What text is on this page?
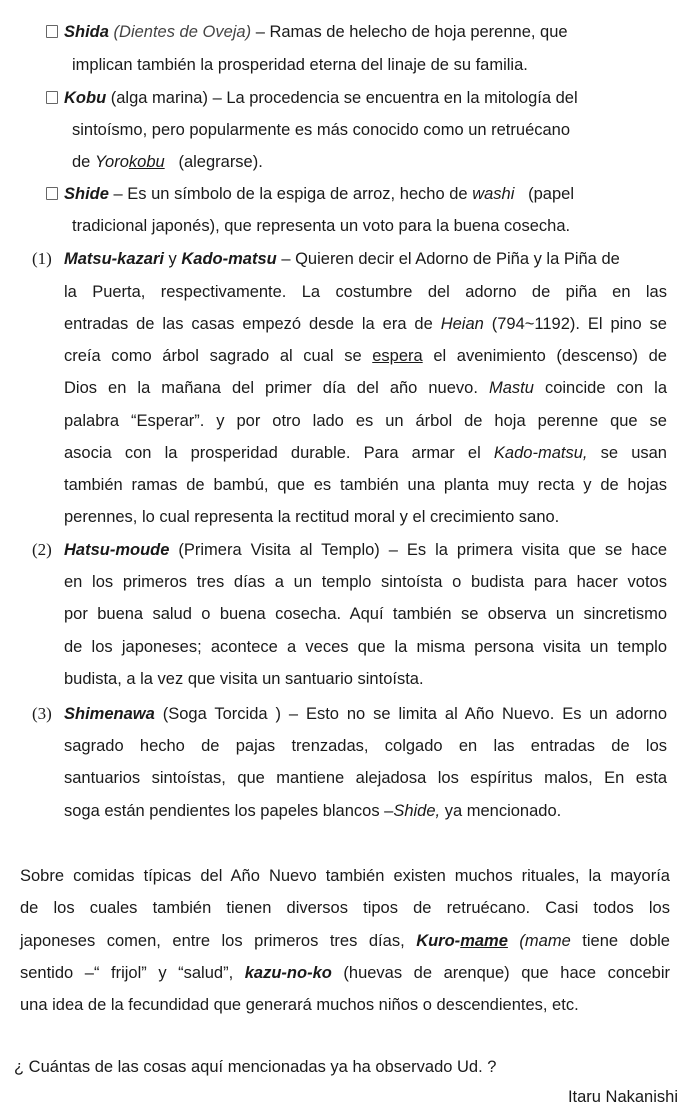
Shida (Dientes de Oveja) – Ramas de helecho de hoja perenne, que
implican también la prosperidad eterna del linaje de su familia.
Kobu (alga marina) – La procedencia se encuentra en la mitología del
sintoísmo, pero popularmente es más conocido como un retruécano
de Yorokobu (alegrarse).
Shide – Es un símbolo de la espiga de arroz, hecho de washi (papel
tradicional japonés), que representa un voto para la buena cosecha.
(1) Matsu-kazari y Kado-matsu – Quieren decir el Adorno de Piña y la Piña de
la Puerta, respectivamente. La costumbre del adorno de piña en las
entradas de las casas empezó desde la era de Heian (794~1192). El pino se
creía como árbol sagrado al cual se espera el avenimiento (descenso) de
Dios en la mañana del primer día del año nuevo. Mastu coincide con la
palabra “Esperar”. y por otro lado es un árbol de hoja perenne que se
asocia con la prosperidad durable. Para armar el Kado-matsu, se usan
también ramas de bambú, que es también una planta muy recta y de hojas
perennes, lo cual representa la rectitud moral y el crecimiento sano.
(2) Hatsu-moude (Primera Visita al Templo) – Es la primera visita que se hace
en los primeros tres días a un templo sintoísta o budista para hacer votos
por buena salud o buena cosecha. Aquí también se observa un sincretismo
de los japoneses; acontece a veces que la misma persona visita un templo
budista, a la vez que visita un santuario sintoísta.
(3) Shimenawa (Soga Torcida ) – Esto no se limita al Año Nuevo. Es un adorno
sagrado hecho de pajas trenzadas, colgado en las entradas de los
santuarios sintoístas, que mantiene alejadosa los espíritus malos, En esta
soga están pendientes los papeles blancos –Shide, ya mencionado.
Sobre comidas típicas del Año Nuevo también existen muchos rituales, la mayoría
de los cuales también tienen diversos tipos de retruécano. Casi todos los
japoneses comen, entre los primeros tres días, Kuro-mame (mame tiene doble
sentido –“ frijol” y “salud”, kazu-no-ko (huevas de arenque) que hace concebir
una idea de la fecundidad que generará muchos niños o descendientes, etc.
¿ Cuántas de las cosas aquí mencionadas ya ha observado Ud. ?
Itaru Nakanishi
